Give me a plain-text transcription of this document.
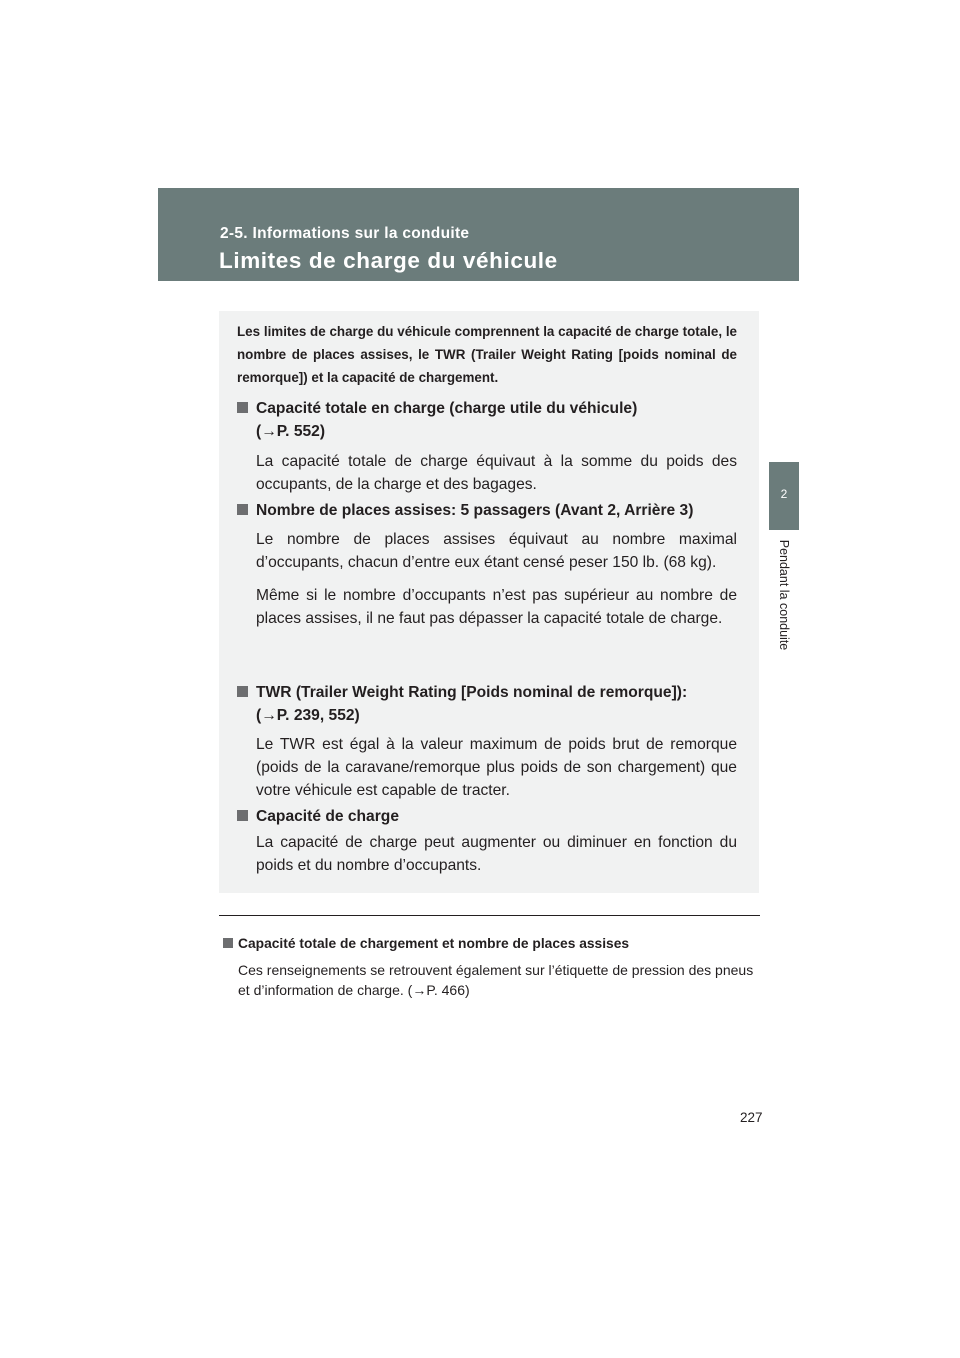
2-5. Informations sur la conduite
Limites de charge du véhicule
2
Pendant la conduite
Les limites de charge du véhicule comprennent la capacité de charge totale, le nombre de places assises, le TWR (Trailer Weight Rating [poids nominal de remorque]) et la capacité de chargement.
Capacité totale en charge (charge utile du véhicule)
(→P. 552)
La capacité totale de charge équivaut à la somme du poids des occupants, de la charge et des bagages.
Nombre de places assises: 5 passagers (Avant 2, Arrière 3)
Le nombre de places assises équivaut au nombre maximal d’occupants, chacun d’entre eux étant censé peser 150 lb. (68 kg).
Même si le nombre d’occupants n’est pas supérieur au nombre de places assises, il ne faut pas dépasser la capacité totale de charge.
TWR (Trailer Weight Rating [Poids nominal de remorque]):
(→P. 239, 552)
Le TWR est égal à la valeur maximum de poids brut de remorque (poids de la caravane/remorque plus poids de son chargement) que votre véhicule est capable de tracter.
Capacité de charge
La capacité de charge peut augmenter ou diminuer en fonction du poids et du nombre d’occupants.
Capacité totale de chargement et nombre de places assises
Ces renseignements se retrouvent également sur l’étiquette de pression des pneus et d’information de charge. (→P. 466)
227
